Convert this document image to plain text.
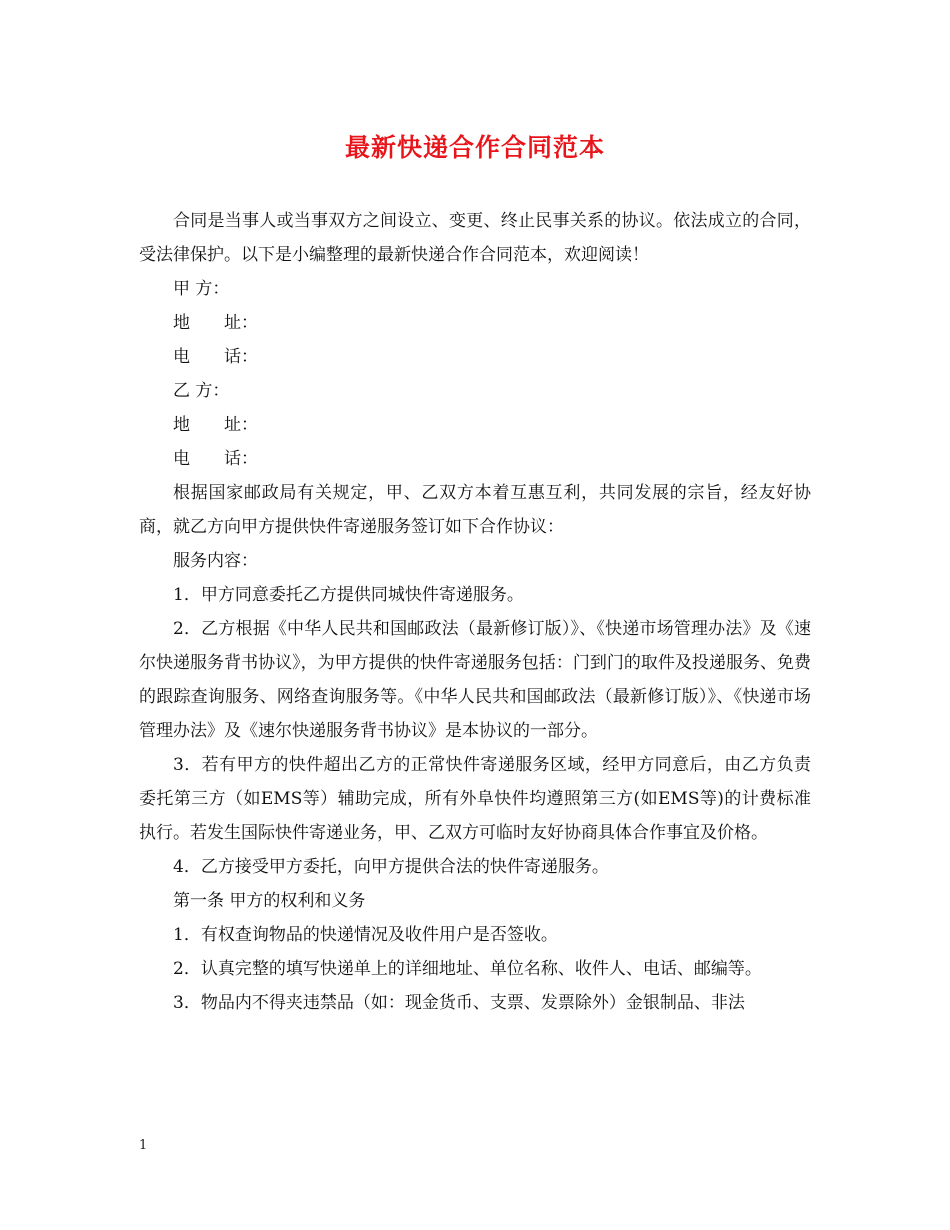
最新快递合作合同范本

合同是当事人或当事双方之间设立、变更、终止民事关系的协议。依法成立的合同，受法律保护。以下是小编整理的最新快递合作合同范本，欢迎阅读！

甲 方：

地　　址：

电　　话：

乙 方：

地　　址：

电　　话：

根据国家邮政局有关规定，甲、乙双方本着互惠互利，共同发展的宗旨，经友好协商，就乙方向甲方提供快件寄递服务签订如下合作协议：

服务内容：

1．甲方同意委托乙方提供同城快件寄递服务。

2．乙方根据《中华人民共和国邮政法（最新修订版）》、《快递市场管理办法》及《速尔快递服务背书协议》，为甲方提供的快件寄递服务包括：门到门的取件及投递服务、免费的跟踪查询服务、网络查询服务等。《中华人民共和国邮政法（最新修订版）》、《快递市场管理办法》及《速尔快递服务背书协议》是本协议的一部分。

3．若有甲方的快件超出乙方的正常快件寄递服务区域，经甲方同意后，由乙方负责委托第三方（如EMS等）辅助完成，所有外阜快件均遵照第三方(如EMS等)的计费标准执行。若发生国际快件寄递业务，甲、乙双方可临时友好协商具体合作事宜及价格。

4．乙方接受甲方委托，向甲方提供合法的快件寄递服务。

第一条 甲方的权利和义务

1．有权查询物品的快递情况及收件用户是否签收。

2．认真完整的填写快递单上的详细地址、单位名称、收件人、电话、邮编等。

3．物品内不得夹违禁品（如：现金货币、支票、发票除外）金银制品、非法

1
